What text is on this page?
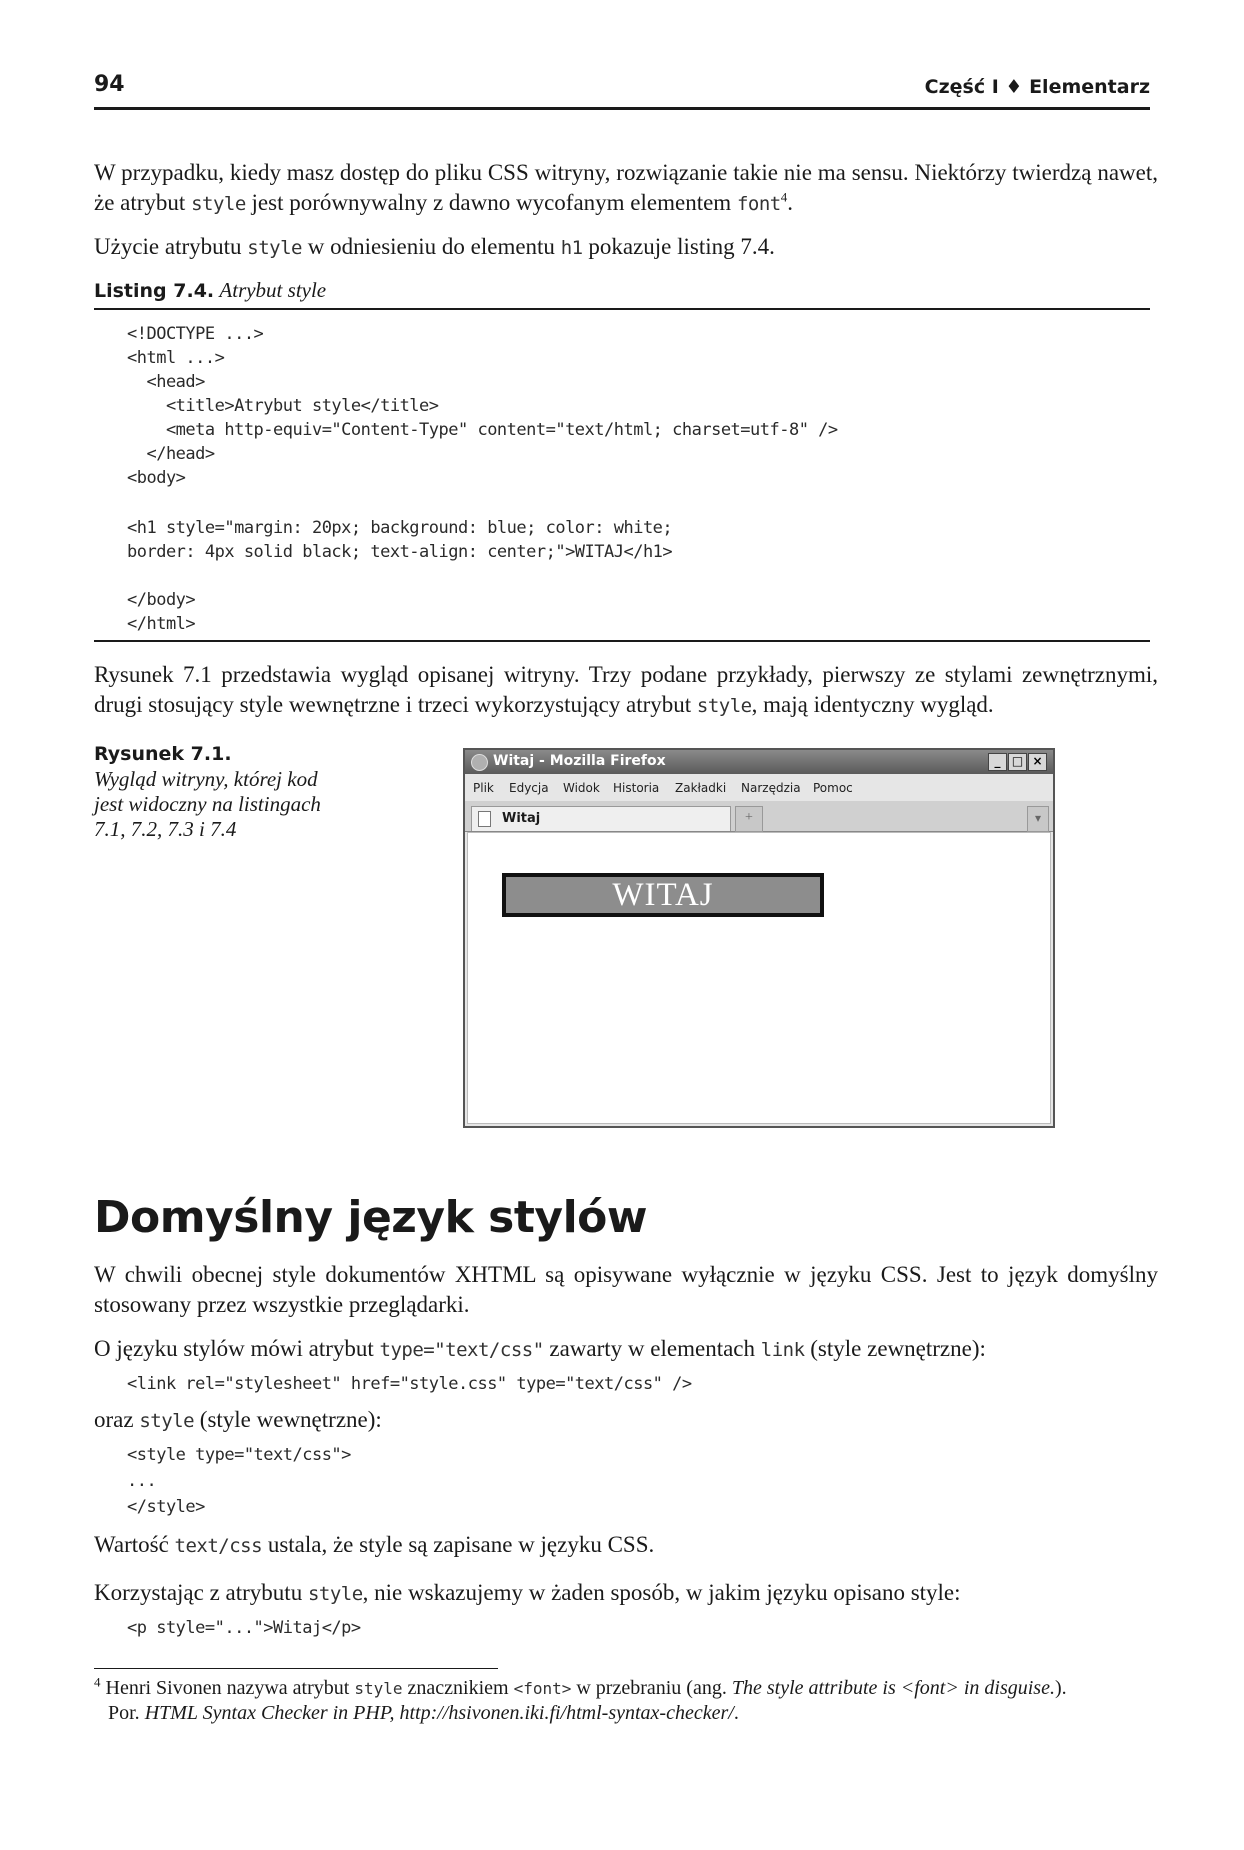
94	Część I ♦ Elementarz
W przypadku, kiedy masz dostęp do pliku CSS witryny, rozwiązanie takie nie ma sensu. Niektórzy twierdzą nawet, że atrybut style jest porównywalny z dawno wycofanym elementem font$^4$.
Użycie atrybutu style w odniesieniu do elementu h1 pokazuje listing 7.4.
Listing 7.4. Atrybut style
<!DOCTYPE ...>
<html ...>
<head>
<title>Atrybut style</title>
<meta http-equiv="Content-Type" content="text/html; charset=utf-8" />
</head>
<body>
<h1 style="margin: 20px; background: blue; color: white;
border: 4px solid black; text-align: center;">WITAJ</h1>
</body>
</html>
Rysunek 7.1 przedstawia wygląd opisanej witryny. Trzy podane przykłady, pierwszy ze stylami zewnętrznymi, drugi stosujący style wewnętrzne i trzeci wykorzystujący atrybut style, mają identyczny wygląd.
Rysunek 7.1.
Wygląd witryny, której kod jest widoczny na listingach 7.1, 7.2, 7.3 i 7.4
Witaj - Mozilla Firefox	_ □ ×
Plik Edycja Widok Historia Zakładki Narzędzia Pomoc
Witaj	+	▾
WITAJ
Domyślny język stylów
W chwili obecnej style dokumentów XHTML są opisywane wyłącznie w języku CSS. Jest to język domyślny stosowany przez wszystkie przeglądarki.
O języku stylów mówi atrybut type="text/css" zawarty w elementach link (style zewnętrzne):
<link rel="stylesheet" href="style.css" type="text/css" />
oraz style (style wewnętrzne):
<style type="text/css">
...
</style>
Wartość text/css ustala, że style są zapisane w języku CSS.
Korzystając z atrybutu style, nie wskazujemy w żaden sposób, w jakim języku opisano style:
<p style="...">Witaj</p>
$^4$ Henri Sivonen nazywa atrybut style znacznikiem <font> w przebraniu (ang. The style attribute is <font> in disguise.).
Por. HTML Syntax Checker in PHP, http://hsivonen.iki.fi/html-syntax-checker/.
